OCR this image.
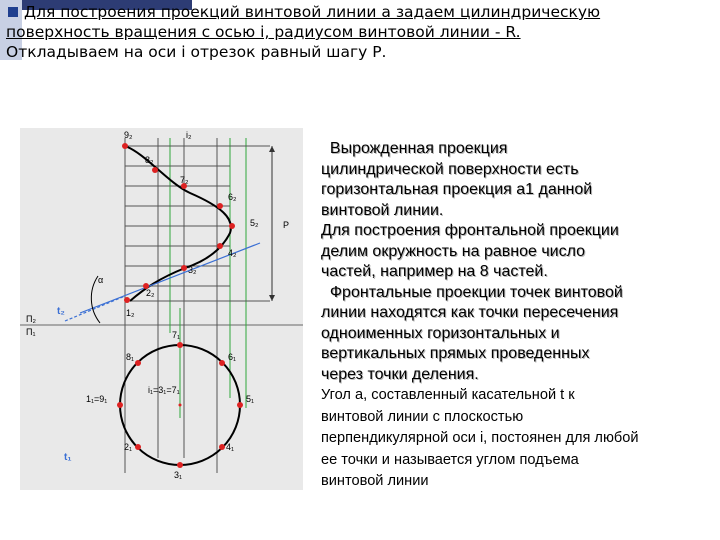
Для построения проекций винтовой линии а задаем цилиндрическую
поверхность вращения с осью i, радиусом винтовой линии - R.
Откладываем на оси i отрезок равный шагу Р.
i₂
9₂
8₂
7₂
6₂
5₂
4₂
3₂
2₂
1₂
P
α
t₂
П₂
П₁	7₁
8₁	6₁
1₁=9₁	5₁
2₁	4₁
3₁
i₁=3₁=7₁
t₁

Вырожденная проекция
цилиндрической поверхности есть
горизонтальная проекция а1 данной
винтовой линии.

Для построения фронтальной проекции
делим окружность на равное число
частей, например на 8 частей.

Фронтальные проекции точек винтовой
линии находятся как точки пересечения
одноименных горизонтальных и
вертикальных прямых проведенных
через точки деления.

Угол a, составленный касательной t к
винтовой линии с плоскостью
перпендикулярной оси i, постоянен для любой
ее точки и называется углом подъема
винтовой линии
